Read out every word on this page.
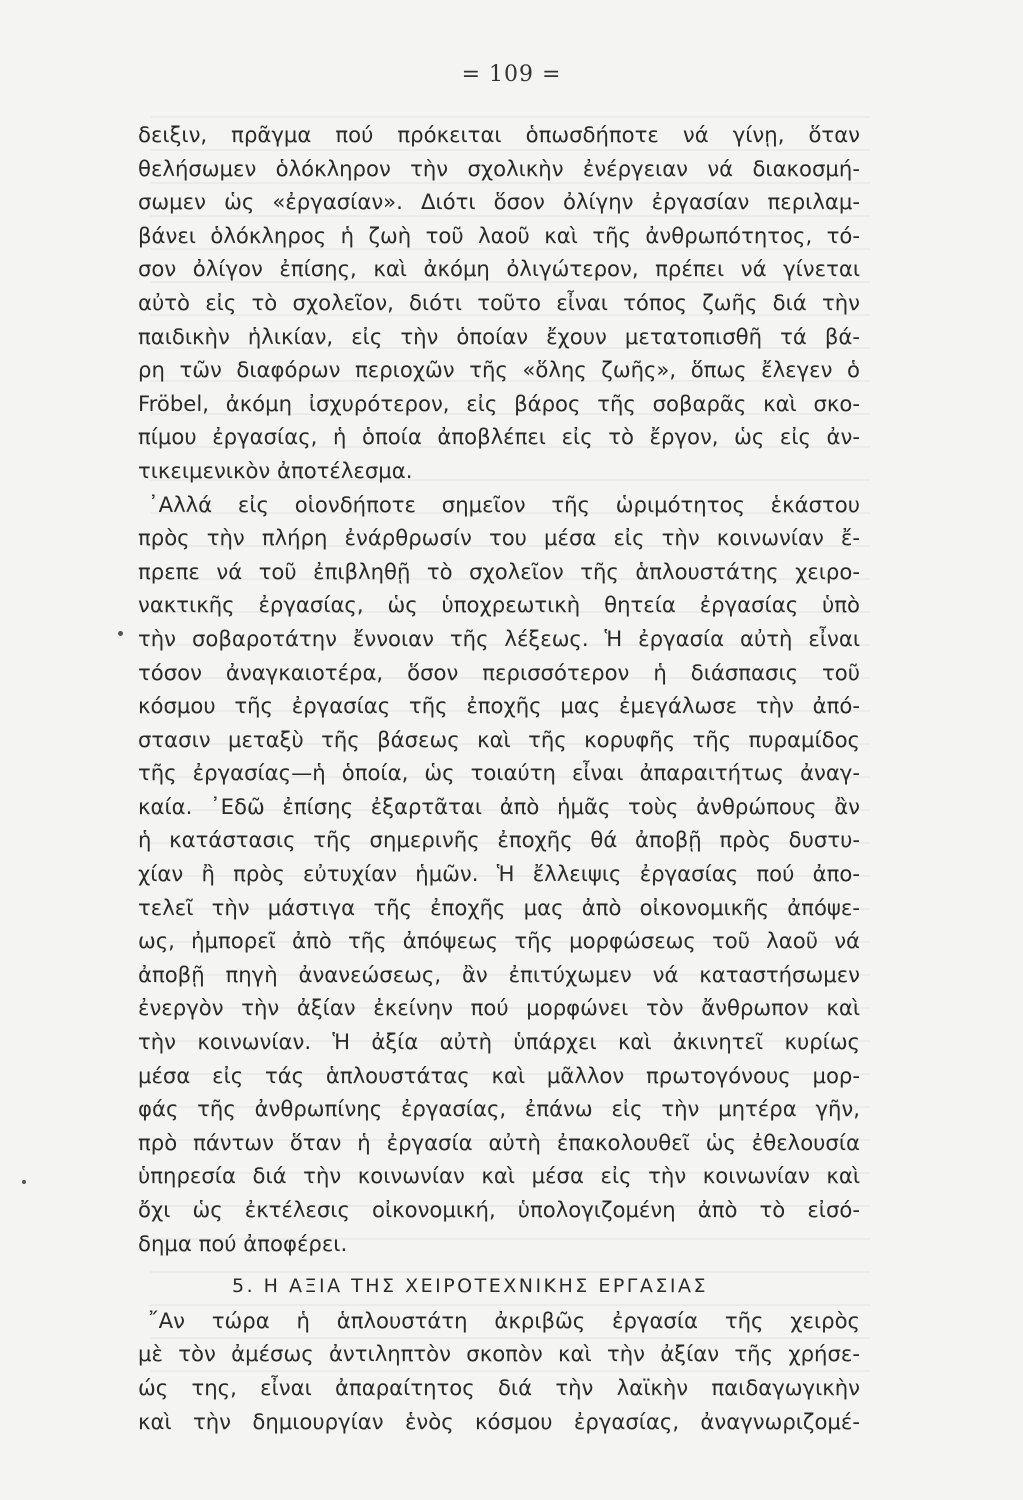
= 109 =
δειξιν, πρᾶγμα πού πρόκειται ὁπωσδήποτε νά γίνῃ, ὅταν
θελήσωμεν ὁλόκληρον τὴν σχολικὴν ἐνέργειαν νά διακοσμή-
σωμεν ὡς «ἐργασίαν». Διότι ὅσον ὀλίγην ἐργασίαν περιλαμ-
βάνει ὁλόκληρος ἡ ζωὴ τοῦ λαοῦ καὶ τῆς ἀνθρωπότητος, τό-
σον ὀλίγον ἐπίσης, καὶ ἀκόμη ὀλιγώτερον, πρέπει νά γίνεται
αὐτὸ εἰς τὸ σχολεῖον, διότι τοῦτο εἶναι τόπος ζωῆς διά τὴν
παιδικὴν ἡλικίαν, εἰς τὴν ὁποίαν ἔχουν μετατοπισθῆ τά βά-
ρη τῶν διαφόρων περιοχῶν τῆς «ὅλης ζωῆς», ὅπως ἔλεγεν ὁ
Fröbel, ἀκόμη ἰσχυρότερον, εἰς βάρος τῆς σοβαρᾶς καὶ σκο-
πίμου ἐργασίας, ἡ ὁποία ἀποβλέπει εἰς τὸ ἔργον, ὡς εἰς ἀν-
τικειμενικὸν ἀποτέλεσμα.
᾿Αλλά εἰς οἱονδήποτε σημεῖον τῆς ὡριμότητος ἑκάστου
πρὸς τὴν πλήρη ἐνάρθρωσίν του μέσα εἰς τὴν κοινωνίαν ἔ-
πρεπε νά τοῦ ἐπιβληθῇ τὸ σχολεῖον τῆς ἁπλουστάτης χειρο-
νακτικῆς ἐργασίας, ὡς ὑποχρεωτικὴ θητεία ἐργασίας ὑπὸ
τὴν σοβαροτάτην ἔννοιαν τῆς λέξεως. Ἡ ἐργασία αὐτὴ εἶναι
τόσον ἀναγκαιοτέρα, ὅσον περισσότερον ἡ διάσπασις τοῦ
κόσμου τῆς ἐργασίας τῆς ἐποχῆς μας ἐμεγάλωσε τὴν ἀπό-
στασιν μεταξὺ τῆς βάσεως καὶ τῆς κορυφῆς τῆς πυραμίδος
τῆς ἐργασίας—ἡ ὁποία, ὡς τοιαύτη εἶναι ἀπαραιτήτως ἀναγ-
καία. ᾿Εδῶ ἐπίσης ἐξαρτᾶται ἀπὸ ἡμᾶς τοὺς ἀνθρώπους ἂν
ἡ κατάστασις τῆς σημερινῆς ἐποχῆς θά ἀποβῇ πρὸς δυστυ-
χίαν ἢ πρὸς εὐτυχίαν ἡμῶν. Ἡ ἔλλειψις ἐργασίας πού ἀπο-
τελεῖ τὴν μάστιγα τῆς ἐποχῆς μας ἀπὸ οἰκονομικῆς ἀπόψε-
ως, ἠμπορεῖ ἀπὸ τῆς ἀπόψεως τῆς μορφώσεως τοῦ λαοῦ νά
ἀποβῇ πηγὴ ἀνανεώσεως, ἂν ἐπιτύχωμεν νά καταστήσωμεν
ἐνεργὸν τὴν ἀξίαν ἐκείνην πού μορφώνει τὸν ἄνθρωπον καὶ
τὴν κοινωνίαν. Ἡ ἀξία αὐτὴ ὑπάρχει καὶ ἀκινητεῖ κυρίως
μέσα εἰς τάς ἁπλουστάτας καὶ μᾶλλον πρωτογόνους μορ-
φάς τῆς ἀνθρωπίνης ἐργασίας, ἐπάνω εἰς τὴν μητέρα γῆν,
πρὸ πάντων ὅταν ἡ ἐργασία αὐτὴ ἐπακολουθεῖ ὡς ἐθελουσία
ὑπηρεσία διά τὴν κοινωνίαν καὶ μέσα εἰς τὴν κοινωνίαν καὶ
ὄχι ὡς ἐκτέλεσις οἰκονομική, ὑπολογιζομένη ἀπὸ τὸ εἰσό-
δημα πού ἀποφέρει.
5. Η ΑΞΙΑ ΤΗΣ ΧΕΙΡΟΤΕΧΝΙΚΗΣ ΕΡΓΑΣΙΑΣ
῎Αν τώρα ἡ ἁπλουστάτη ἀκριβῶς ἐργασία τῆς χειρὸς
μὲ τὸν ἀμέσως ἀντιληπτὸν σκοπὸν καὶ τὴν ἀξίαν τῆς χρήσε-
ώς της, εἶναι ἀπαραίτητος διά τὴν λαϊκὴν παιδαγωγικὴν
καὶ τὴν δημιουργίαν ἑνὸς κόσμου ἐργασίας, ἀναγνωριζομέ-
